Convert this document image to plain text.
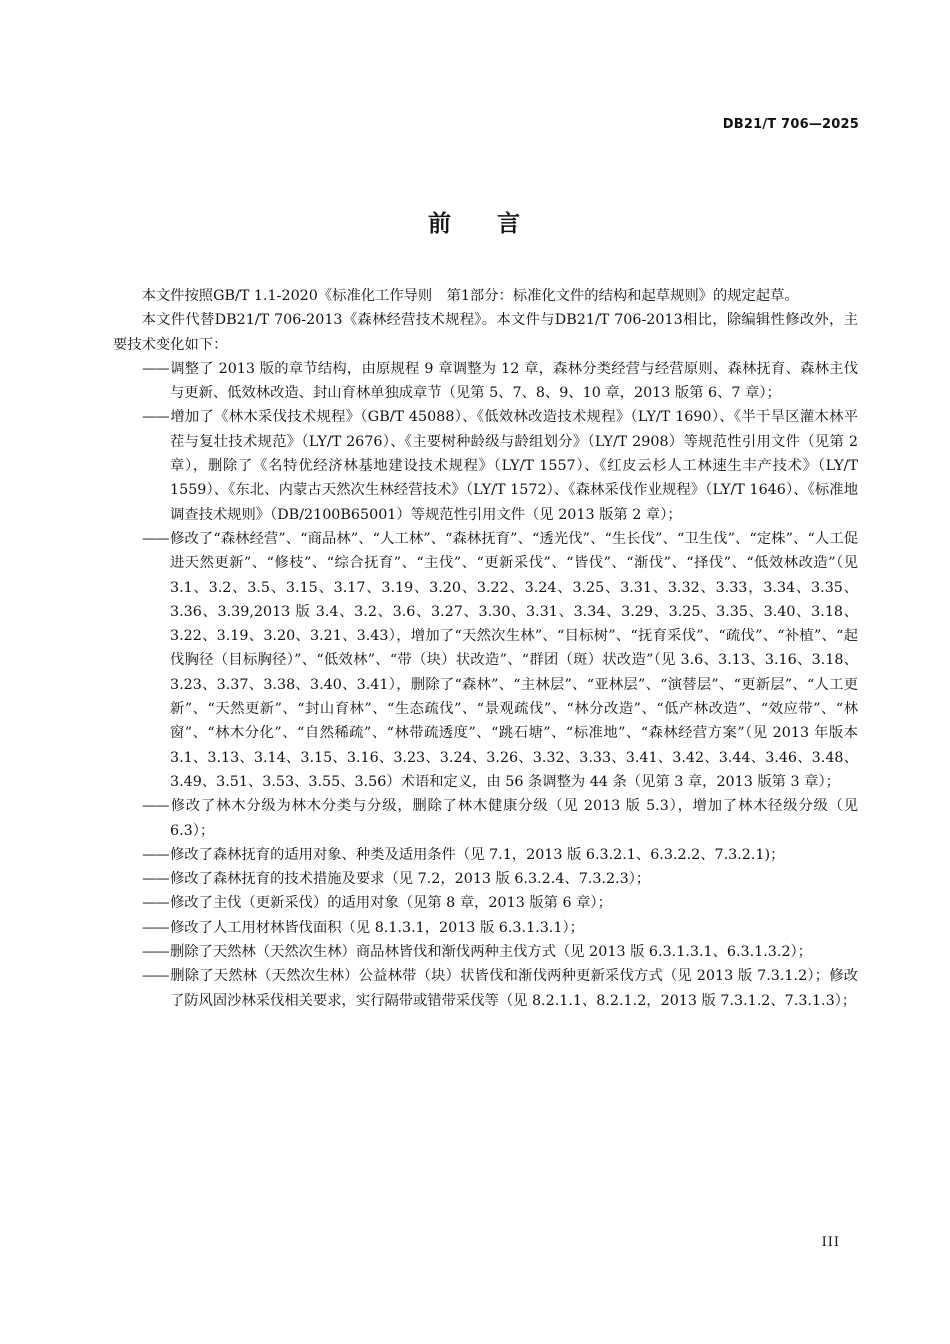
DB21/T 706—2025
前 言

本文件按照GB/T 1.1-2020《标准化工作导则　第1部分：标准化文件的结构和起草规则》的规定起草。

本文件代替DB21/T 706-2013《森林经营技术规程》。本文件与DB21/T 706-2013相比，除编辑性修改外，主要技术变化如下：

——调整了 2013 版的章节结构，由原规程 9 章调整为 12 章，森林分类经营与经营原则、森林抚育、森林主伐与更新、低效林改造、封山育林单独成章节（见第 5、7、8、9、10 章，2013 版第 6、7 章）；

——增加了《林木采伐技术规程》（GB/T 45088）、《低效林改造技术规程》（LY/T 1690）、《半干旱区灌木林平茬与复壮技术规范》（LY/T 2676）、《主要树种龄级与龄组划分》（LY/T 2908）等规范性引用文件（见第 2 章），删除了《名特优经济林基地建设技术规程》（LY/T 1557）、《红皮云杉人工林速生丰产技术》（LY/T 1559）、《东北、内蒙古天然次生林经营技术》（LY/T 1572）、《森林采伐作业规程》（LY/T 1646）、《标准地调查技术规则》（DB/2100B65001）等规范性引用文件（见 2013 版第 2 章）；

——修改了“森林经营”、“商品林”、“人工林”、“森林抚育”、“透光伐”、“生长伐”、“卫生伐”、“定株”、“人工促进天然更新”、“修枝”、“综合抚育”、“主伐”、“更新采伐”、“皆伐”、“渐伐”、“择伐”、“低效林改造”（见 3.1、3.2、3.5、3.15、3.17、3.19、3.20、3.22、3.24、3.25、3.31、3.32、3.33，3.34、3.35、3.36、3.39,2013 版 3.4、3.2、3.6、3.27、3.30、3.31、3.34、3.29、3.25、3.35、3.40、3.18、3.22、3.19、3.20、3.21、3.43），增加了“天然次生林”、“目标树”、“抚育采伐”、“疏伐”、“补植”、“起伐胸径（目标胸径）”、“低效林”、“带（块）状改造”、“群团（斑）状改造”（见 3.6、3.13、3.16、3.18、3.23、3.37、3.38、3.40、3.41），删除了“森林”、“主林层”、“亚林层”、“演替层”、“更新层”、“人工更新”、“天然更新”、“封山育林”、“生态疏伐”、“景观疏伐”、“林分改造”、“低产林改造”、“效应带”、“林窗”、“林木分化”、“自然稀疏”、“林带疏透度”、“跳石塘”、“标准地”、“森林经营方案”（见 2013 年版本 3.1、3.13、3.14、3.15、3.16、3.23、3.24、3.26、3.32、3.33、3.41、3.42、3.44、3.46、3.48、3.49、3.51、3.53、3.55、3.56）术语和定义，由 56 条调整为 44 条（见第 3 章，2013 版第 3 章）；

——修改了林木分级为林木分类与分级，删除了林木健康分级（见 2013 版 5.3），增加了林木径级分级（见 6.3）；

——修改了森林抚育的适用对象、种类及适用条件（见 7.1，2013 版 6.3.2.1、6.3.2.2、7.3.2.1)；

——修改了森林抚育的技术措施及要求（见 7.2，2013 版 6.3.2.4、7.3.2.3）；

——修改了主伐（更新采伐）的适用对象（见第 8 章，2013 版第 6 章）；

——修改了人工用材林皆伐面积（见 8.1.3.1，2013 版 6.3.1.3.1）；

——删除了天然林（天然次生林）商品林皆伐和渐伐两种主伐方式（见 2013 版 6.3.1.3.1、6.3.1.3.2）；

——删除了天然林（天然次生林）公益林带（块）状皆伐和渐伐两种更新采伐方式（见 2013 版 7.3.1.2）；修改了防风固沙林采伐相关要求，实行隔带或错带采伐等（见 8.2.1.1、8.2.1.2，2013 版 7.3.1.2、7.3.1.3）；

III
